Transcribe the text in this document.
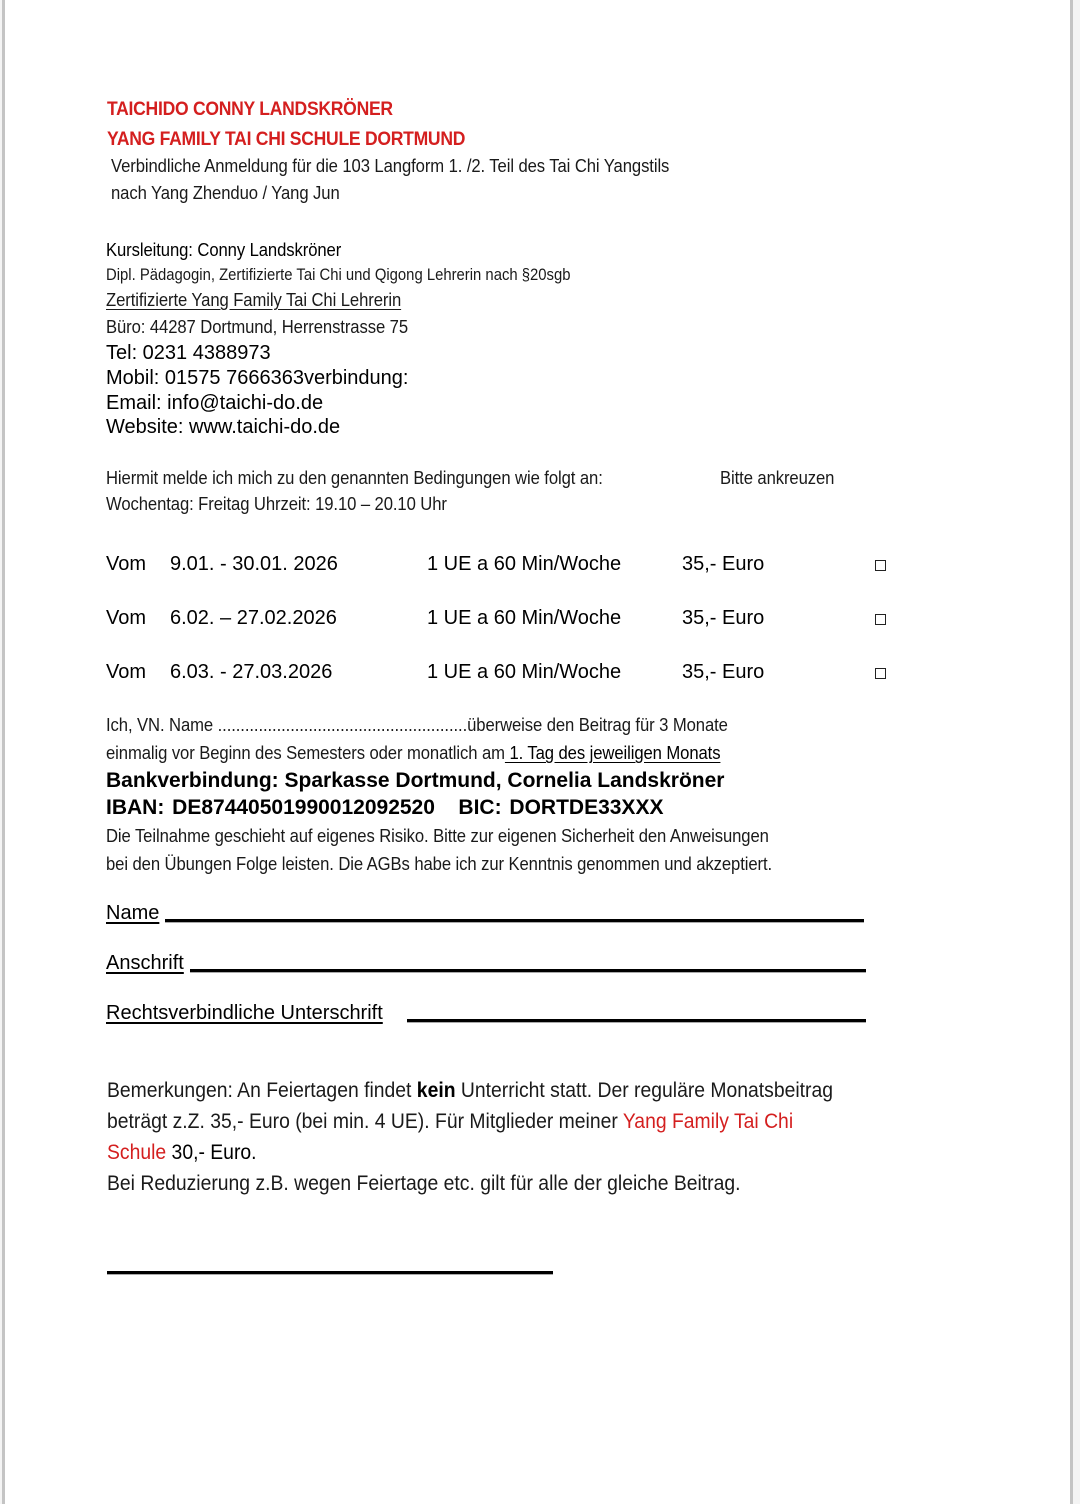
TAICHIDO CONNY LANDSKRÖNER
YANG FAMILY TAI CHI SCHULE DORTMUND
Verbindliche Anmeldung für die 103 Langform 1. /2. Teil des Tai Chi Yangstils
nach Yang Zhenduo / Yang Jun
Kursleitung: Conny Landskröner
Dipl. Pädagogin, Zertifizierte Tai Chi und Qigong Lehrerin nach §20sgb
Zertifizierte Yang Family Tai Chi Lehrerin
Büro: 44287 Dortmund, Herrenstrasse 75
Tel: 0231 4388973
Mobil: 01575 7666363verbindung:
Email: info@taichi-do.de
Website: www.taichi-do.de
Hiermit melde ich mich zu den genannten Bedingungen wie folgt an:	Bitte ankreuzen
Wochentag: Freitag Uhrzeit: 19.10 – 20.10 Uhr
Vom 9.01. - 30.01. 2026	1 UE a 60 Min/Woche	35,- Euro
Vom 6.02. – 27.02.2026	1 UE a 60 Min/Woche	35,- Euro
Vom 6.03. - 27.03.2026	1 UE a 60 Min/Woche	35,- Euro
Ich, VN. Name .......................................................überweise den Beitrag für 3 Monate
einmalig vor Beginn des Semesters oder monatlich am 1. Tag des jeweiligen Monats
Bankverbindung: Sparkasse Dortmund, Cornelia Landskröner
IBAN: DE87440501990012092520   BIC: DORTDE33XXX
Die Teilnahme geschieht auf eigenes Risiko. Bitte zur eigenen Sicherheit den Anweisungen
bei den Übungen Folge leisten. Die AGBs habe ich zur Kenntnis genommen und akzeptiert.
Name
Anschrift
Rechtsverbindliche Unterschrift
Bemerkungen: An Feiertagen findet kein Unterricht statt. Der reguläre Monatsbeitrag
beträgt z.Z. 35,- Euro (bei min. 4 UE). Für Mitglieder meiner Yang Family Tai Chi
Schule 30,- Euro.
Bei Reduzierung z.B. wegen Feiertage etc. gilt für alle der gleiche Beitrag.
